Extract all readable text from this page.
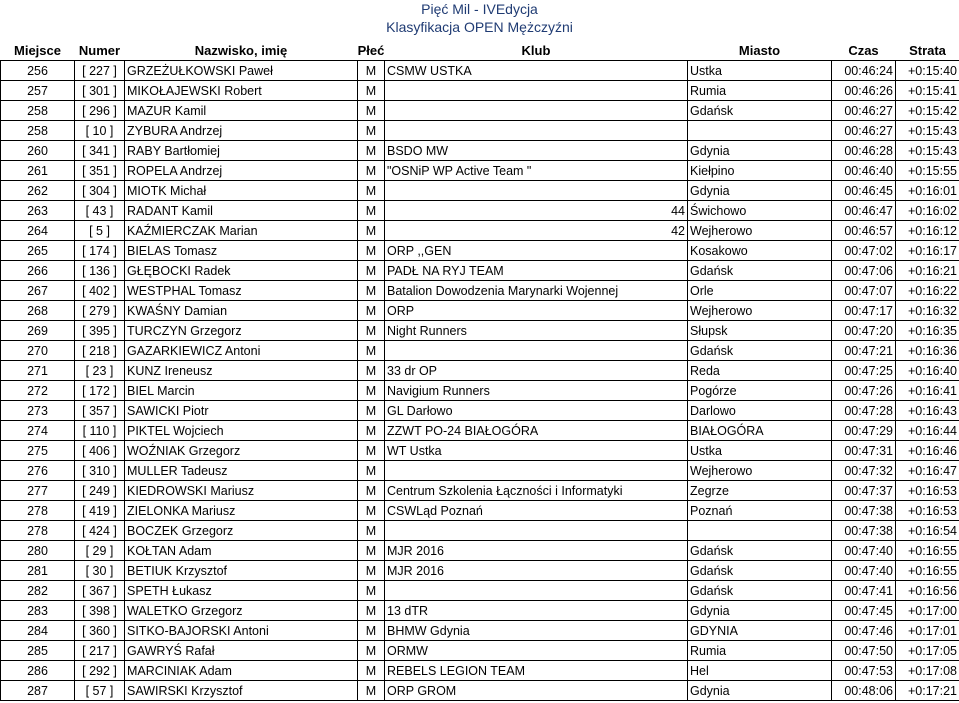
Pięć Mil - IVEdycja
Klasyfikacja OPEN Mężczyźni
Miejsce	Numer	Nazwisko, imię	Płeć	Klub	Miasto	Czas	Strata
256	[ 227 ]	GRZEŻUŁKOWSKI Paweł	M	CSMW USTKA	Ustka	00:46:24	+0:15:40
257	[ 301 ]	MIKOŁAJEWSKI Robert	M		Rumia	00:46:26	+0:15:41
258	[ 296 ]	MAZUR Kamil	M		Gdańsk	00:46:27	+0:15:42
258	[ 10 ]	ZYBURA Andrzej	M			00:46:27	+0:15:43
260	[ 341 ]	RABY Bartłomiej	M	BSDO MW	Gdynia	00:46:28	+0:15:43
261	[ 351 ]	ROPELA Andrzej	M	"OSNiP WP Active Team "	Kiełpino	00:46:40	+0:15:55
262	[ 304 ]	MIOTK Michał	M		Gdynia	00:46:45	+0:16:01
263	[ 43 ]	RADANT Kamil	M	44	Świchowo	00:46:47	+0:16:02
264	[ 5 ]	KAŹMIERCZAK Marian	M	42	Wejherowo	00:46:57	+0:16:12
265	[ 174 ]	BIELAS Tomasz	M	ORP ,,GEN	Kosakowo	00:47:02	+0:16:17
266	[ 136 ]	GŁĘBOCKI Radek	M	PADŁ NA RYJ TEAM	Gdańsk	00:47:06	+0:16:21
267	[ 402 ]	WESTPHAL Tomasz	M	Batalion Dowodzenia Marynarki Wojennej	Orle	00:47:07	+0:16:22
268	[ 279 ]	KWAŚNY Damian	M	ORP	Wejherowo	00:47:17	+0:16:32
269	[ 395 ]	TURCZYN Grzegorz	M	Night Runners	Słupsk	00:47:20	+0:16:35
270	[ 218 ]	GAZARKIEWICZ Antoni	M		Gdańsk	00:47:21	+0:16:36
271	[ 23 ]	KUNZ Ireneusz	M	33 dr OP	Reda	00:47:25	+0:16:40
272	[ 172 ]	BIEL Marcin	M	Navigium Runners	Pogórze	00:47:26	+0:16:41
273	[ 357 ]	SAWICKI Piotr	M	GL Darłowo	Darlowo	00:47:28	+0:16:43
274	[ 110 ]	PIKTEL Wojciech	M	ZZWT PO-24 BIAŁOGÓRA	BIAŁOGÓRA	00:47:29	+0:16:44
275	[ 406 ]	WOŹNIAK Grzegorz	M	WT Ustka	Ustka	00:47:31	+0:16:46
276	[ 310 ]	MULLER Tadeusz	M		Wejherowo	00:47:32	+0:16:47
277	[ 249 ]	KIEDROWSKI Mariusz	M	Centrum Szkolenia Łączności i Informatyki	Zegrze	00:47:37	+0:16:53
278	[ 419 ]	ZIELONKA Mariusz	M	CSWLąd Poznań	Poznań	00:47:38	+0:16:53
278	[ 424 ]	BOCZEK Grzegorz	M			00:47:38	+0:16:54
280	[ 29 ]	KOŁTAN Adam	M	MJR 2016	Gdańsk	00:47:40	+0:16:55
281	[ 30 ]	BETIUK Krzysztof	M	MJR 2016	Gdańsk	00:47:40	+0:16:55
282	[ 367 ]	SPETH Łukasz	M		Gdańsk	00:47:41	+0:16:56
283	[ 398 ]	WALETKO Grzegorz	M	13 dTR	Gdynia	00:47:45	+0:17:00
284	[ 360 ]	SITKO-BAJORSKI Antoni	M	BHMW Gdynia	GDYNIA	00:47:46	+0:17:01
285	[ 217 ]	GAWRYŚ Rafał	M	ORMW	Rumia	00:47:50	+0:17:05
286	[ 292 ]	MARCINIAK Adam	M	REBELS LEGION TEAM	Hel	00:47:53	+0:17:08
287	[ 57 ]	SAWIRSKI Krzysztof	M	ORP GROM	Gdynia	00:48:06	+0:17:21
